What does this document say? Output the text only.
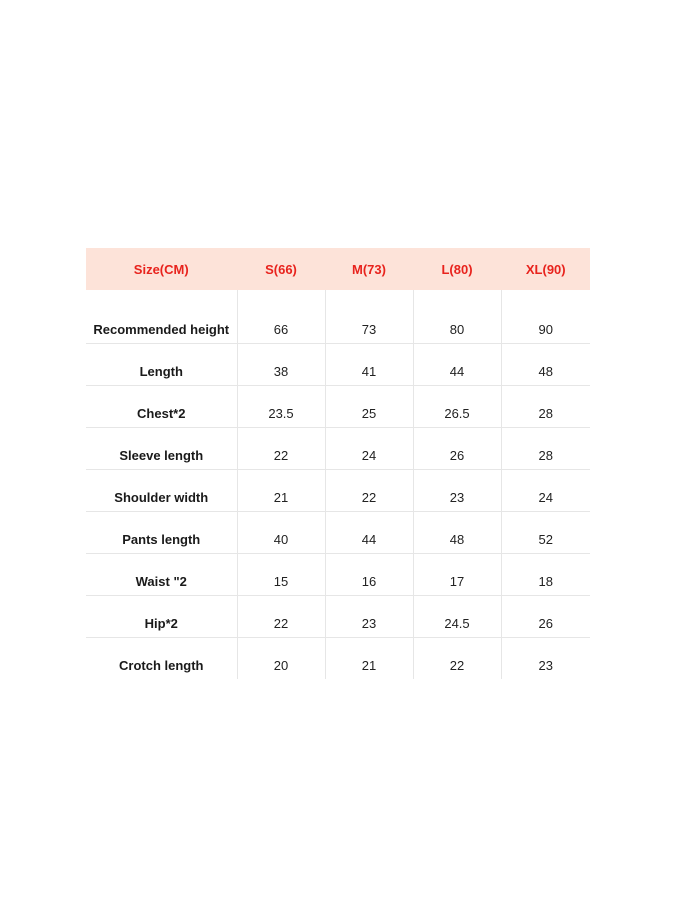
Size(CM)	S(66)	M(73)	L(80)	XL(90)

Recommended height	66	73	80	90

Length	38	41	44	48

Chest*2	23.5	25	26.5	28

Sleeve length	22	24	26	28

Shoulder width	21	22	23	24

Pants length	40	44	48	52

Waist "2	15	16	17	18

Hip*2	22	23	24.5	26

Crotch length	20	21	22	23
